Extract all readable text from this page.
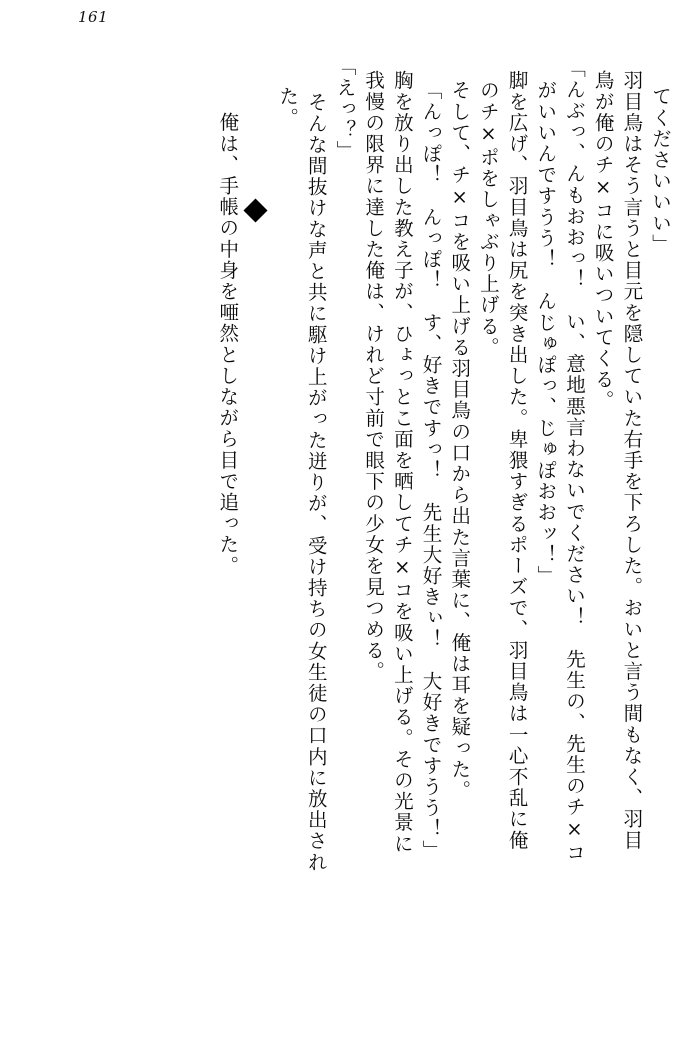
161
てくださいいい」
羽目鳥はそう言うと目元を隠していた右手を下ろした。おいと言う間もなく、羽目
鳥が俺のチ×コに吸いついてくる。
「んぶっ、んもおおっ！　い、意地悪言わないでください！　先生の、先生のチ×コ
がいいんですうう！　んじゅぽっ、じゅぽおおッ！」
脚を広げ、羽目鳥は尻を突き出した。卑猥すぎるポーズで、羽目鳥は一心不乱に俺
のチ×ポをしゃぶり上げる。
そして、チ×コを吸い上げる羽目鳥の口から出た言葉に、俺は耳を疑った。
「んっぽ！　んっぽ！　す、好きですっ！　先生大好きぃ！　大好きですうう！」
胸を放り出した教え子が、ひょっとこ面を晒してチ×コを吸い上げる。その光景に
我慢の限界に達した俺は、けれど寸前で眼下の少女を見つめる。
「えっ？」
そんな間抜けな声と共に駆け上がった迸りが、受け持ちの女生徒の口内に放出され
た。
俺は、手帳の中身を唖然としながら目で追った。
